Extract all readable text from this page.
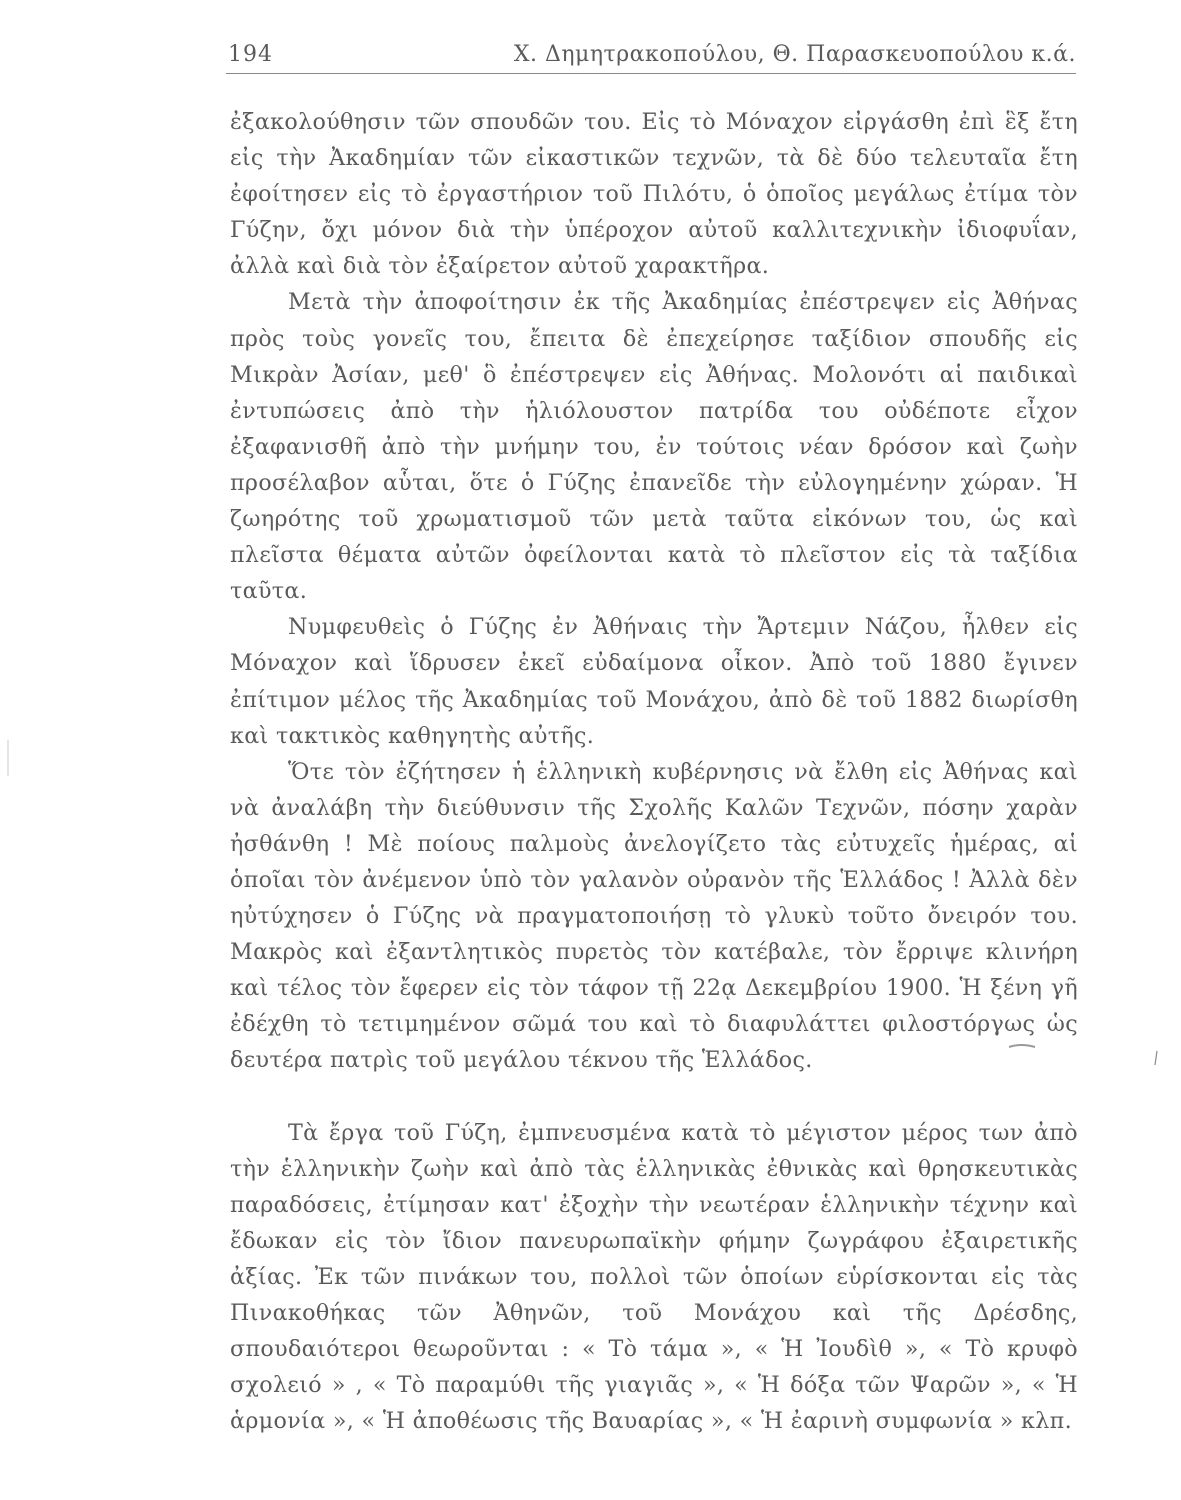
194	Χ. Δημητρακοπούλου, Θ. Παρασκευοπούλου κ.ά.

ἐξακολούθησιν τῶν σπουδῶν του. Εἰς τὸ Μόναχον εἰργάσθη ἐπὶ ἓξ ἔτη εἰς τὴν Ἀκαδημίαν τῶν εἰκαστικῶν τεχνῶν, τὰ δὲ δύο τελευταῖα ἔτη ἐφοίτησεν εἰς τὸ ἐργαστήριον τοῦ Πιλότυ, ὁ ὁποῖος μεγάλως ἐτίμα τὸν Γύζην, ὄχι μόνον διὰ τὴν ὑπέροχον αὐτοῦ καλλιτεχνικὴν ἰδιοφυΐαν, ἀλλὰ καὶ διὰ τὸν ἐξαίρετον αὐτοῦ χαρακτῆρα.

Μετὰ τὴν ἀποφοίτησιν ἐκ τῆς Ἀκαδημίας ἐπέστρεψεν εἰς Ἀθήνας πρὸς τοὺς γονεῖς του, ἔπειτα δὲ ἐπεχείρησε ταξίδιον σπουδῆς εἰς Μικρὰν Ἀσίαν, μεθ' ὃ ἐπέστρεψεν εἰς Ἀθήνας. Μολονότι αἱ παιδικαὶ ἐντυπώσεις ἀπὸ τὴν ἡλιόλουστον πατρίδα του οὐδέποτε εἶχον ἐξαφανισθῆ ἀπὸ τὴν μνήμην του, ἐν τούτοις νέαν δρόσον καὶ ζωὴν προσέλαβον αὗται, ὅτε ὁ Γύζης ἐπανεῖδε τὴν εὐλογημένην χώραν. Ἡ ζωηρότης τοῦ χρωματισμοῦ τῶν μετὰ ταῦτα εἰκόνων του, ὡς καὶ πλεῖστα θέματα αὐτῶν ὀφείλονται κατὰ τὸ πλεῖστον εἰς τὰ ταξίδια ταῦτα.

Νυμφευθεὶς ὁ Γύζης ἐν Ἀθήναις τὴν Ἄρτεμιν Νάζου, ἦλθεν εἰς Μόναχον καὶ ἵδρυσεν ἐκεῖ εὐδαίμονα οἶκον. Ἀπὸ τοῦ 1880 ἔγινεν ἐπίτιμον μέλος τῆς Ἀκαδημίας τοῦ Μονάχου, ἀπὸ δὲ τοῦ 1882 διωρίσθη καὶ τακτικὸς καθηγητὴς αὐτῆς.

Ὅτε τὸν ἐζήτησεν ἡ ἑλληνικὴ κυβέρνησις νὰ ἔλθη εἰς Ἀθήνας καὶ νὰ ἀναλάβη τὴν διεύθυνσιν τῆς Σχολῆς Καλῶν Τεχνῶν, πόσην χαρὰν ἠσθάνθη ! Μὲ ποίους παλμοὺς ἀνελογίζετο τὰς εὐτυχεῖς ἡμέρας, αἱ ὁποῖαι τὸν ἀνέμενον ὑπὸ τὸν γαλανὸν οὐρανὸν τῆς Ἑλλάδος ! Ἀλλὰ δὲν ηὐτύχησεν ὁ Γύζης νὰ πραγματοποιήσῃ τὸ γλυκὺ τοῦτο ὄνειρόν του. Μακρὸς καὶ ἐξαντλητικὸς πυρετὸς τὸν κατέβαλε, τὸν ἔρριψε κλινήρη καὶ τέλος τὸν ἔφερεν εἰς τὸν τάφον τῇ 22ᾳ Δεκεμβρίου 1900. Ἡ ξένη γῆ ἐδέχθη τὸ τετιμημένον σῶμά του καὶ τὸ διαφυλάττει φιλοστόργως ὡς δευτέρα πατρὶς τοῦ μεγάλου τέκνου τῆς Ἑλλάδος.

Τὰ ἔργα τοῦ Γύζη, ἐμπνευσμένα κατὰ τὸ μέγιστον μέρος των ἀπὸ τὴν ἑλληνικὴν ζωὴν καὶ ἀπὸ τὰς ἑλληνικὰς ἐθνικὰς καὶ θρησκευτικὰς παραδόσεις, ἐτίμησαν κατ' ἐξοχὴν τὴν νεωτέραν ἑλληνικὴν τέχνην καὶ ἔδωκαν εἰς τὸν ἴδιον πανευρωπαϊκὴν φήμην ζωγράφου ἐξαιρετικῆς ἀξίας. Ἐκ τῶν πινάκων του, πολλοὶ τῶν ὁποίων εὑρίσκονται εἰς τὰς Πινακοθήκας τῶν Ἀθηνῶν, τοῦ Μονάχου καὶ τῆς Δρέσδης, σπουδαιότεροι θεωροῦνται : « Τὸ τάμα », « Ἡ Ἰουδὶθ », « Τὸ κρυφὸ σχολειό » , « Τὸ παραμύθι τῆς γιαγιᾶς », « Ἡ δόξα τῶν Ψαρῶν », « Ἡ ἁρμονία », « Ἡ ἀποθέωσις τῆς Βαυαρίας », « Ἡ ἐαρινὴ συμφωνία » κλπ.
